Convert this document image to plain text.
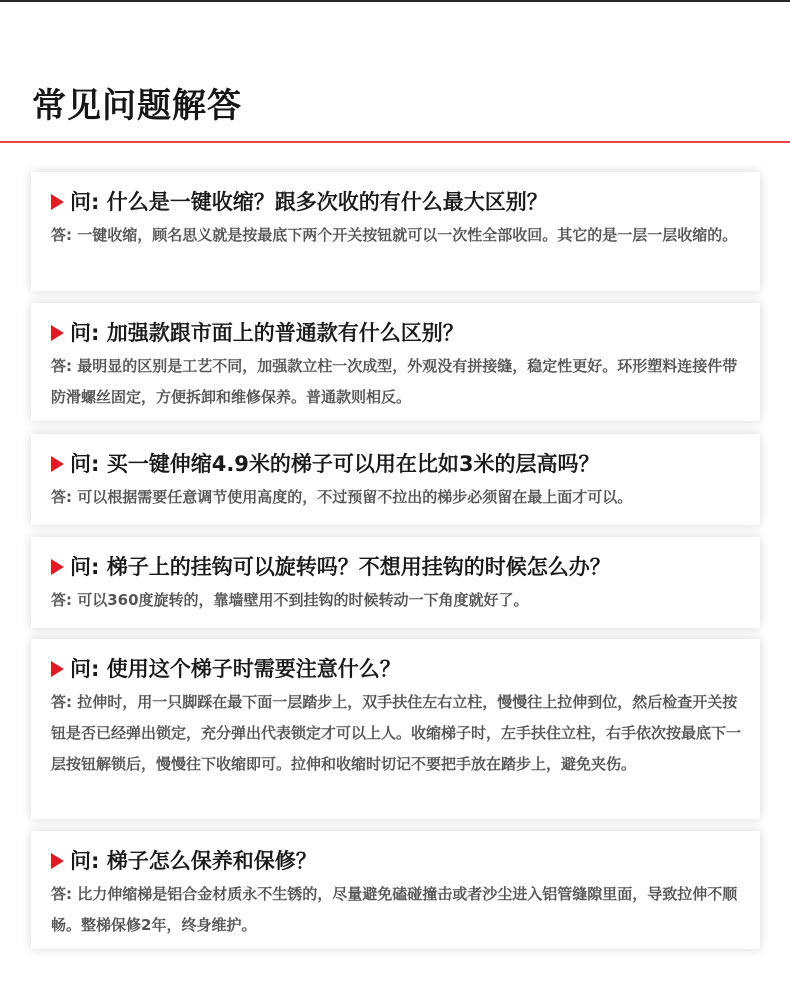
常见问题解答
问: 什么是一键收缩？跟多次收的有什么最大区别？
答: 一键收缩，顾名思义就是按最底下两个开关按钮就可以一次性全部收回。其它的是一层一层收缩的。
问: 加强款跟市面上的普通款有什么区别？
答: 最明显的区别是工艺不同，加强款立柱一次成型，外观没有拼接缝，稳定性更好。环形塑料连接件带防滑螺丝固定，方便拆卸和维修保养。普通款则相反。
问: 买一键伸缩4.9米的梯子可以用在比如3米的层高吗？
答: 可以根据需要任意调节使用高度的，不过预留不拉出的梯步必须留在最上面才可以。
问: 梯子上的挂钩可以旋转吗？不想用挂钩的时候怎么办？
答: 可以360度旋转的，靠墙壁用不到挂钩的时候转动一下角度就好了。
问: 使用这个梯子时需要注意什么？
答: 拉伸时，用一只脚踩在最下面一层踏步上，双手扶住左右立柱，慢慢往上拉伸到位，然后检查开关按钮是否已经弹出锁定，充分弹出代表锁定才可以上人。收缩梯子时，左手扶住立柱，右手依次按最底下一层按钮解锁后，慢慢往下收缩即可。拉伸和收缩时切记不要把手放在踏步上，避免夹伤。
问: 梯子怎么保养和保修？
答: 比力伸缩梯是铝合金材质永不生锈的，尽量避免磕碰撞击或者沙尘进入铝管缝隙里面，导致拉伸不顺畅。整梯保修2年，终身维护。
